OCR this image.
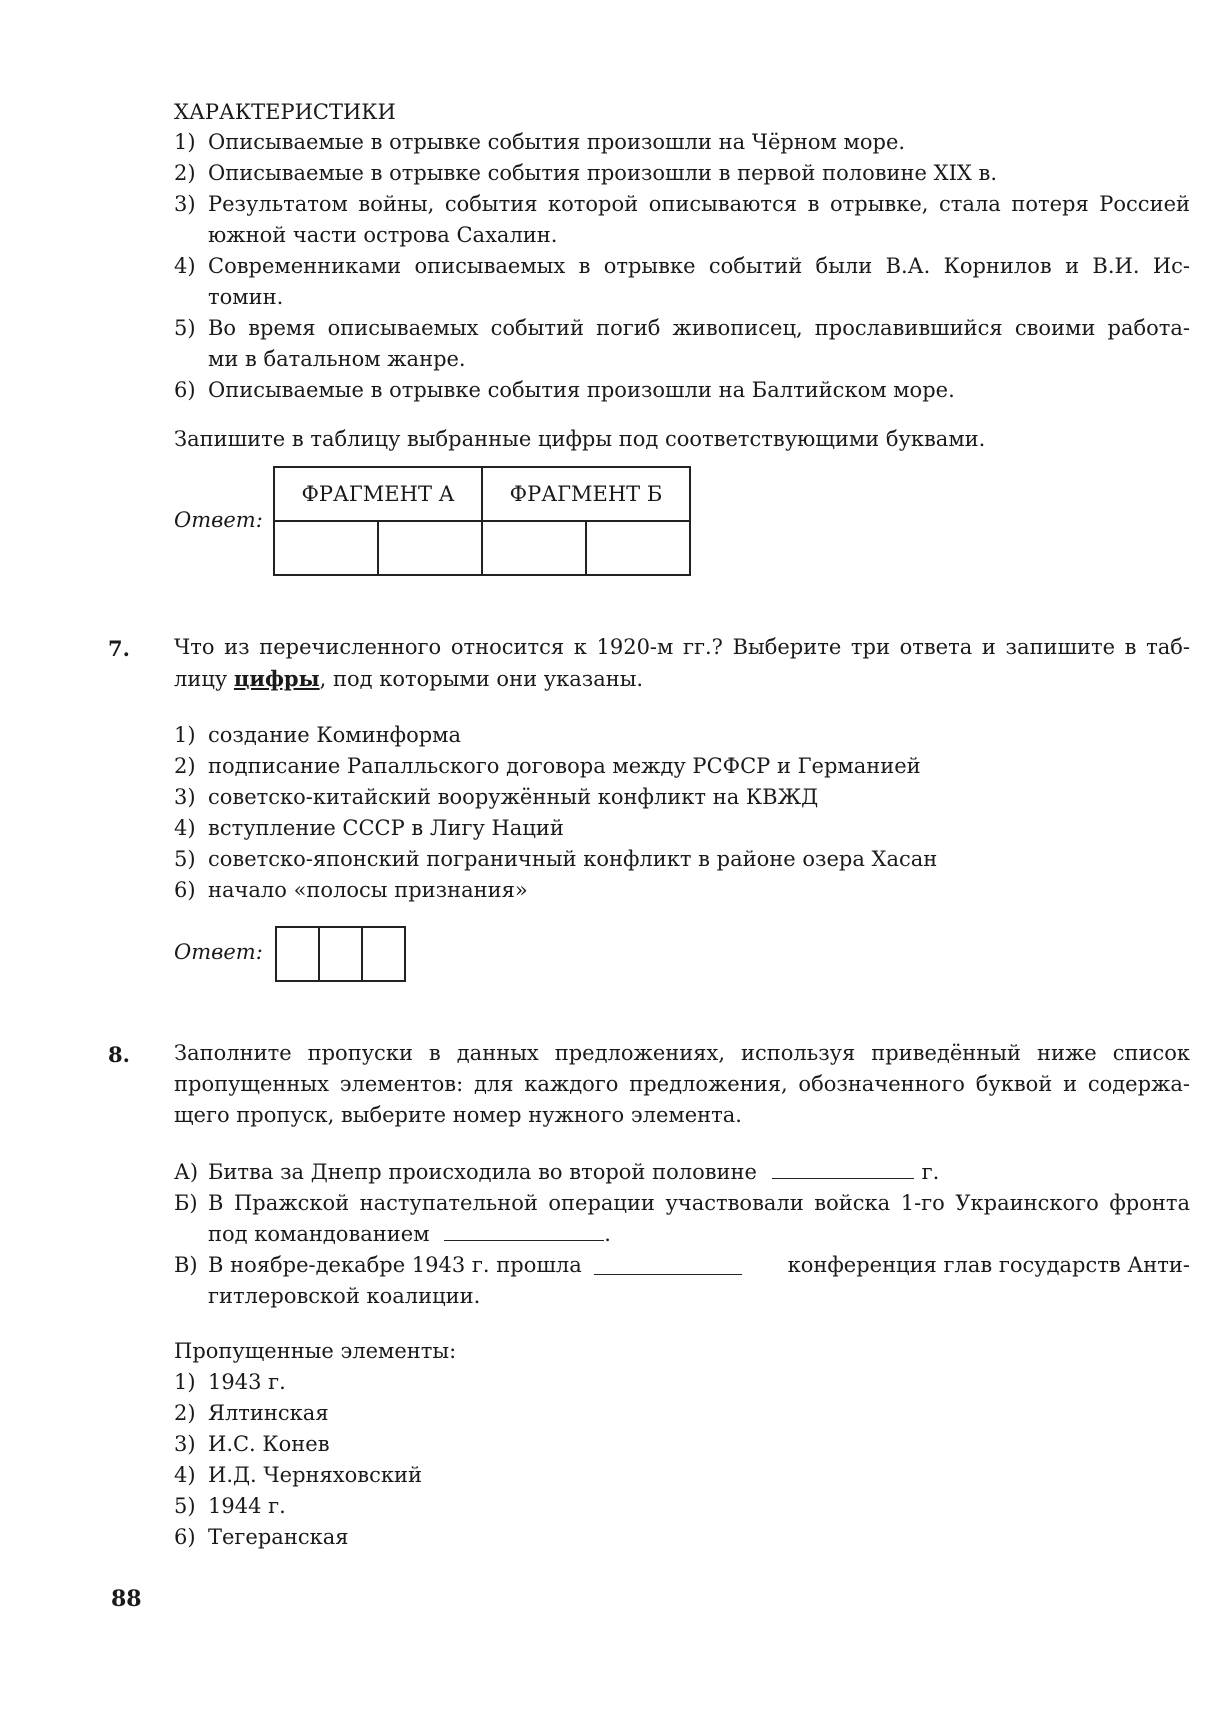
ХАРАКТЕРИСТИКИ
1) Описываемые в отрывке события произошли на Чёрном море.
2) Описываемые в отрывке события произошли в первой половине XIX в.
3) Результатом войны, события которой описываются в отрывке, стала потеря Россией
южной части острова Сахалин.
4) Современниками описываемых в отрывке событий были В.А. Корнилов и В.И. Ис-
томин.
5) Во время описываемых событий погиб живописец, прославившийся своими работа-
ми в батальном жанре.
6) Описываемые в отрывке события произошли на Балтийском море.
Запишите в таблицу выбранные цифры под соответствующими буквами.
Ответ:
ФРАГМЕНТ А		ФРАГМЕНТ Б	

7. Что из перечисленного относится к 1920-м гг.? Выберите три ответа и запишите в таб-
лицу цифры, под которыми они указаны.
1) создание Коминформа
2) подписание Рапалльского договора между РСФСР и Германией
3) советско-китайский вооружённый конфликт на КВЖД
4) вступление СССР в Лигу Наций
5) советско-японский пограничный конфликт в районе озера Хасан
6) начало «полосы признания»
Ответ:
8. Заполните пропуски в данных предложениях, используя приведённый ниже список
пропущенных элементов: для каждого предложения, обозначенного буквой и содержа-
щего пропуск, выберите номер нужного элемента.
А) Битва за Днепр происходила во второй половине	г.
Б) В Пражской наступательной операции участвовали войска 1-го Украинского фронта
под командованием	.
В) В ноябре-декабре 1943 г. прошла	конференция глав государств Анти-
гитлеровской коалиции.
Пропущенные элементы:
1) 1943 г.
2) Ялтинская
3) И.С. Конев
4) И.Д. Черняховский
5) 1944 г.
6) Тегеранская
88
